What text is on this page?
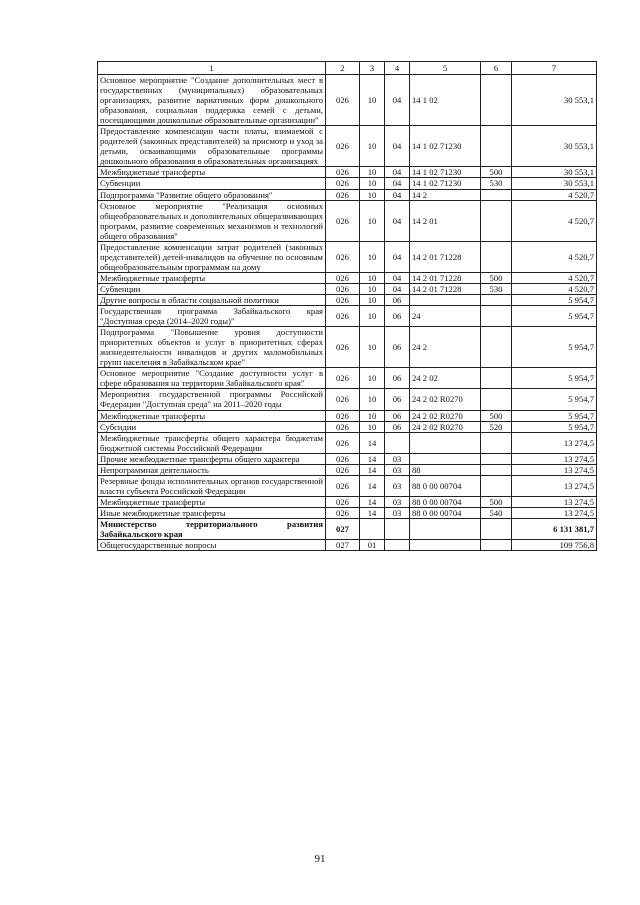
1	2	3	4	5	6	7
Основное мероприятие "Создание дополнительных мест в государственных (муниципальных) образовательных организациях, развитие вариативных форм дошкольного образования, социальная поддержка семей с детьми, посещающими дошкольные образовательные организации"	026	10	04	14 1 02		30 553,1
Предоставление компенсации части платы, взимаемой с родителей (законных представителей) за присмотр и уход за детьми, осваивающими образовательные программы дошкольного образования в образовательных организациях	026	10	04	14 1 02 71230		30 553,1
Межбюджетные трансферты	026	10	04	14 1 02 71230	500	30 553,1
Субвенции	026	10	04	14 1 02 71230	530	30 553,1
Подпрограмма "Развитие общего образования"	026	10	04	14 2		4 520,7
Основное мероприятие "Реализация основных общеобразовательных и дополнительных общеразвивающих программ, развитие современных механизмов и технологий общего образования"	026	10	04	14 2 01		4 520,7
Предоставление компенсации затрат родителей (законных представителей) детей-инвалидов на обучение по основным общеобразовательным программам на дому	026	10	04	14 2 01 71228		4 520,7
Межбюджетные трансферты	026	10	04	14 2 01 71228	500	4 520,7
Субвенции	026	10	04	14 2 01 71228	530	4 520,7
Другие вопросы в области социальной политики	026	10	06			5 954,7
Государственная программа Забайкальского края "Доступная среда (2014–2020 годы)"	026	10	06	24		5 954,7
Подпрограмма "Повышение уровня доступности приоритетных объектов и услуг в приоритетных сферах жизнедеятельности инвалидов и других маломобильных групп населения в Забайкальском крае"	026	10	06	24 2		5 954,7
Основное мероприятие "Создание доступности услуг в сфере образования на территории Забайкальского края"	026	10	06	24 2 02		5 954,7
Мероприятия государственной программы Российской Федерации "Доступная среда" на 2011–2020 годы	026	10	06	24 2 02 R0270		5 954,7
Межбюджетные трансферты	026	10	06	24 2 02 R0270	500	5 954,7
Субсидии	026	10	06	24 2 02 R0270	520	5 954,7
Межбюджетные трансферты общего характера бюджетам бюджетной системы Российской Федерации	026	14				13 274,5
Прочие межбюджетные трансферты общего характера	026	14	03			13 274,5
Непрограммная деятельность	026	14	03	88		13 274,5
Резервные фонды исполнительных органов государственной власти субъекта Российской Федерации	026	14	03	88 0 00 00704		13 274,5
Межбюджетные трансферты	026	14	03	88 0 00 00704	500	13 274,5
Иные межбюджетные трансферты	026	14	03	88 0 00 00704	540	13 274,5
Министерство территориального развития Забайкальского края	027					6 131 381,7
Общегосударственные вопросы	027	01				109 756,8
91
